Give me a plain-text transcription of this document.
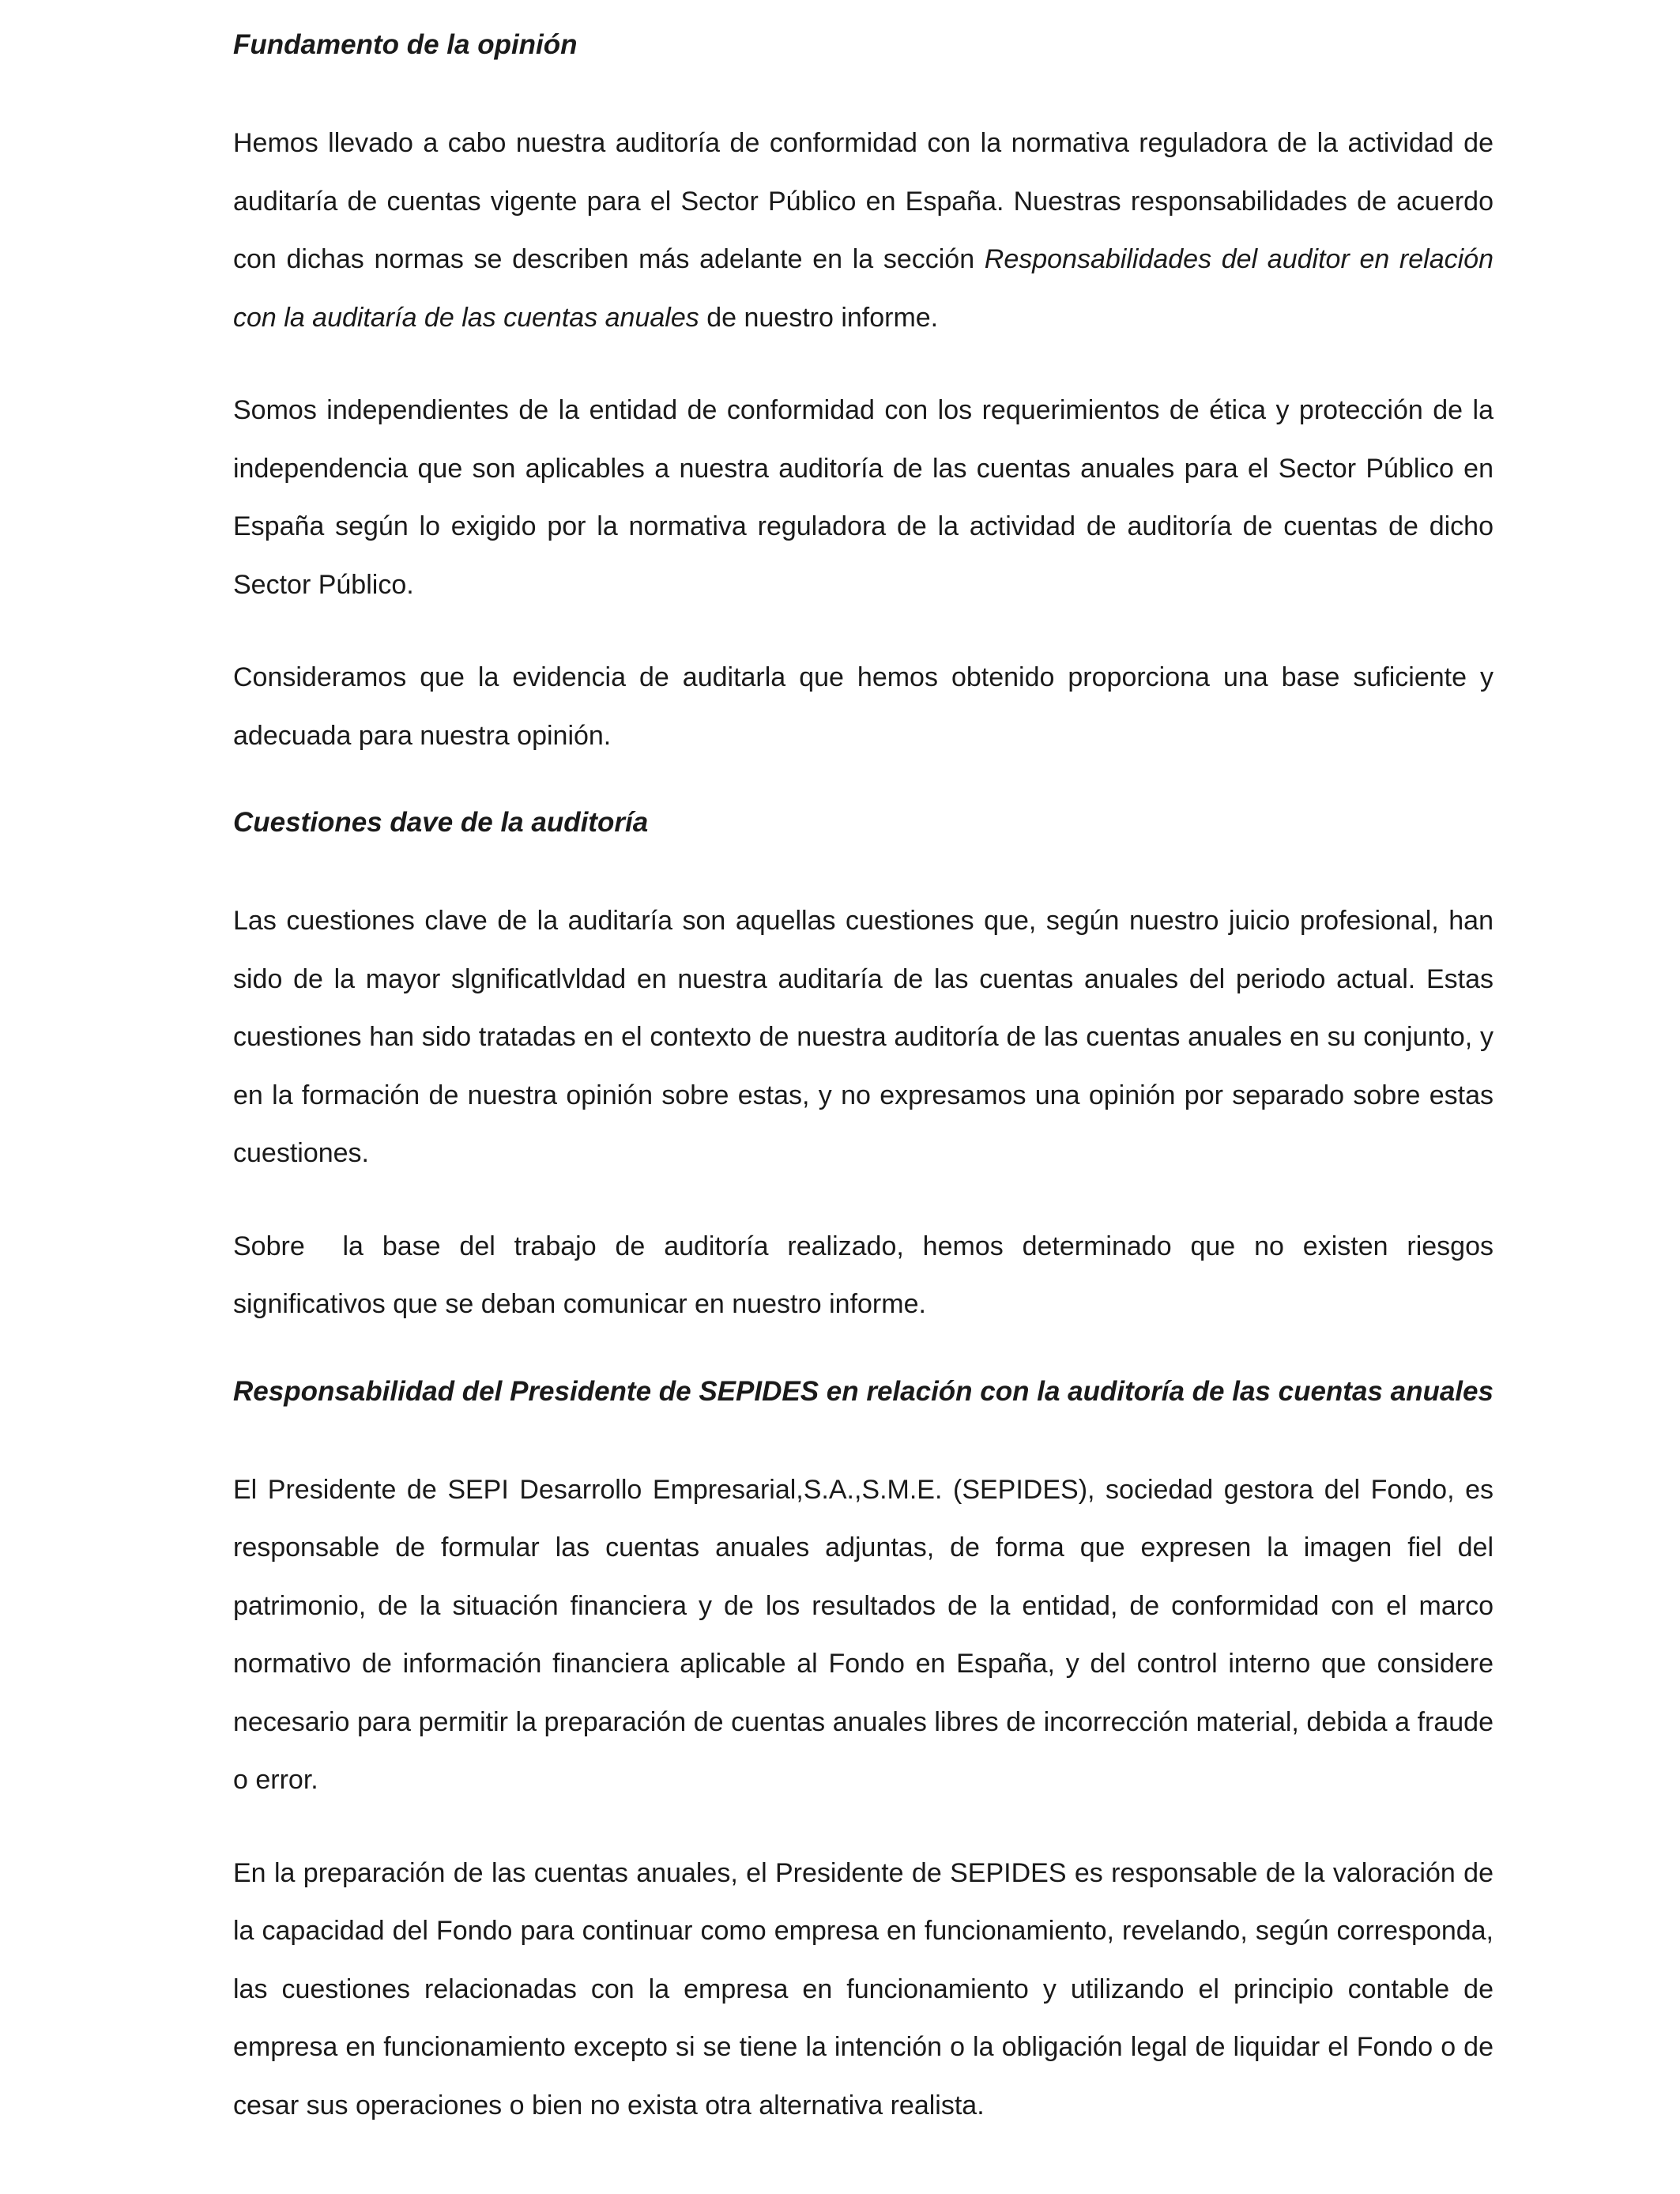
Fundamento de la opinión

Hemos llevado a cabo nuestra auditoría de conformidad con la normativa reguladora de la actividad de auditaría de cuentas vigente para el Sector Público en España. Nuestras responsabilidades de acuerdo con dichas normas se describen más adelante en la sección Responsabilidades del auditor en relación con la auditaría de las cuentas anuales de nuestro informe.

Somos independientes de la entidad de conformidad con los requerimientos de ética y protección de la independencia que son aplicables a nuestra auditoría de las cuentas anuales para el Sector Público en España según lo exigido por la normativa reguladora de la actividad de auditoría de cuentas de dicho Sector Público.

Consideramos que la evidencia de auditarla que hemos obtenido proporciona una base suficiente y adecuada para nuestra opinión.

Cuestiones dave de la auditoría

Las cuestiones clave de la auditaría son aquellas cuestiones que, según nuestro juicio profesional, han sido de la mayor slgnificatlvldad en nuestra auditaría de las cuentas anuales del periodo actual. Estas cuestiones han sido tratadas en el contexto de nuestra auditoría de las cuentas anuales en su conjunto, y en la formación de nuestra opinión sobre estas, y no expresamos una opinión por separado sobre estas cuestiones.

Sobre  la base del trabajo de auditoría realizado, hemos determinado que no existen riesgos significativos que se deban comunicar en nuestro informe.

Responsabilidad del Presidente de SEPIDES en relación con la auditoría de las cuentas anuales

El Presidente de SEPI Desarrollo Empresarial,S.A.,S.M.E. (SEPIDES), sociedad gestora del Fondo, es responsable de formular las cuentas anuales adjuntas, de forma que expresen la imagen fiel del patrimonio, de la situación financiera y de los resultados de la entidad, de conformidad con el marco normativo de información financiera aplicable al Fondo en España, y del control interno que considere necesario para permitir la preparación de cuentas anuales libres de incorrección material, debida a fraude o error.

En la preparación de las cuentas anuales, el Presidente de SEPIDES es responsable de la valoración de la capacidad del Fondo para continuar como empresa en funcionamiento, revelando, según corresponda, las cuestiones relacionadas con la empresa en funcionamiento y utilizando el principio contable de empresa en funcionamiento excepto si se tiene la intención o la obligación legal de liquidar el Fondo o de cesar sus operaciones o bien no exista otra alternativa realista.
